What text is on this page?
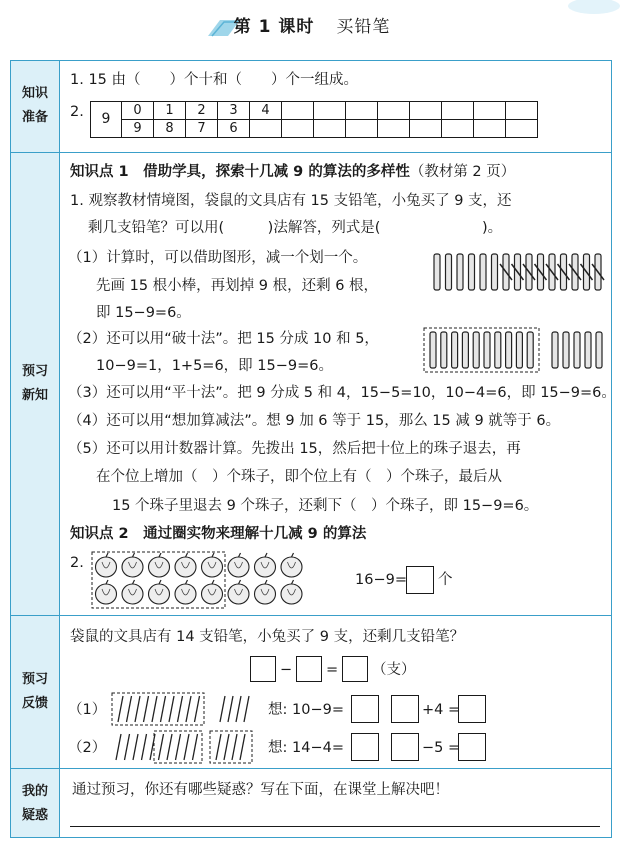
第 1 课时 买铅笔
知识
准备
预习
新知
预习
反馈
我的
疑惑
1. 15 由（　　）个十和（　　）个一组成。
2. 9	0	1	2	3	4								
	9	8	7	6									
知识点 1　借助学具，探索十几减 9 的算法的多样性（教材第 2 页）
1. 观察教材情境图，袋鼠的文具店有 15 支铅笔，小兔买了 9 支，还
剩几支铅笔？可以用(　　　)法解答，列式是(　　　　　　　)。
（1）计算时，可以借助图形，减一个划一个。
先画 15 根小棒，再划掉 9 根，还剩 6 根，
即 15−9=6。
（2）还可以用“破十法”。把 15 分成 10 和 5，
10−9=1，1+5=6，即 15−9=6。
（3）还可以用“平十法”。把 9 分成 5 和 4，15−5=10，10−4=6，即 15−9=6。
（4）还可以用“想加算减法”。想 9 加 6 等于 15，那么 15 减 9 就等于 6。
（5）还可以用计数器计算。先拨出 15，然后把十位上的珠子退去，再
在个位上增加（　）个珠子，即个位上有（　）个珠子，最后从
15 个珠子里退去 9 个珠子，还剩下（　）个珠子，即 15−9=6。
知识点 2　通过圈实物来理解十几减 9 的算法
2.
16−9= 个
袋鼠的文具店有 14 支铅笔，小兔买了 9 支，还剩几支铅笔？
− = （支）
（1）	想: 10−9=	+4 =
（2）	想: 14−4=	−5 =
通过预习，你还有哪些疑惑？写在下面，在课堂上解决吧！
